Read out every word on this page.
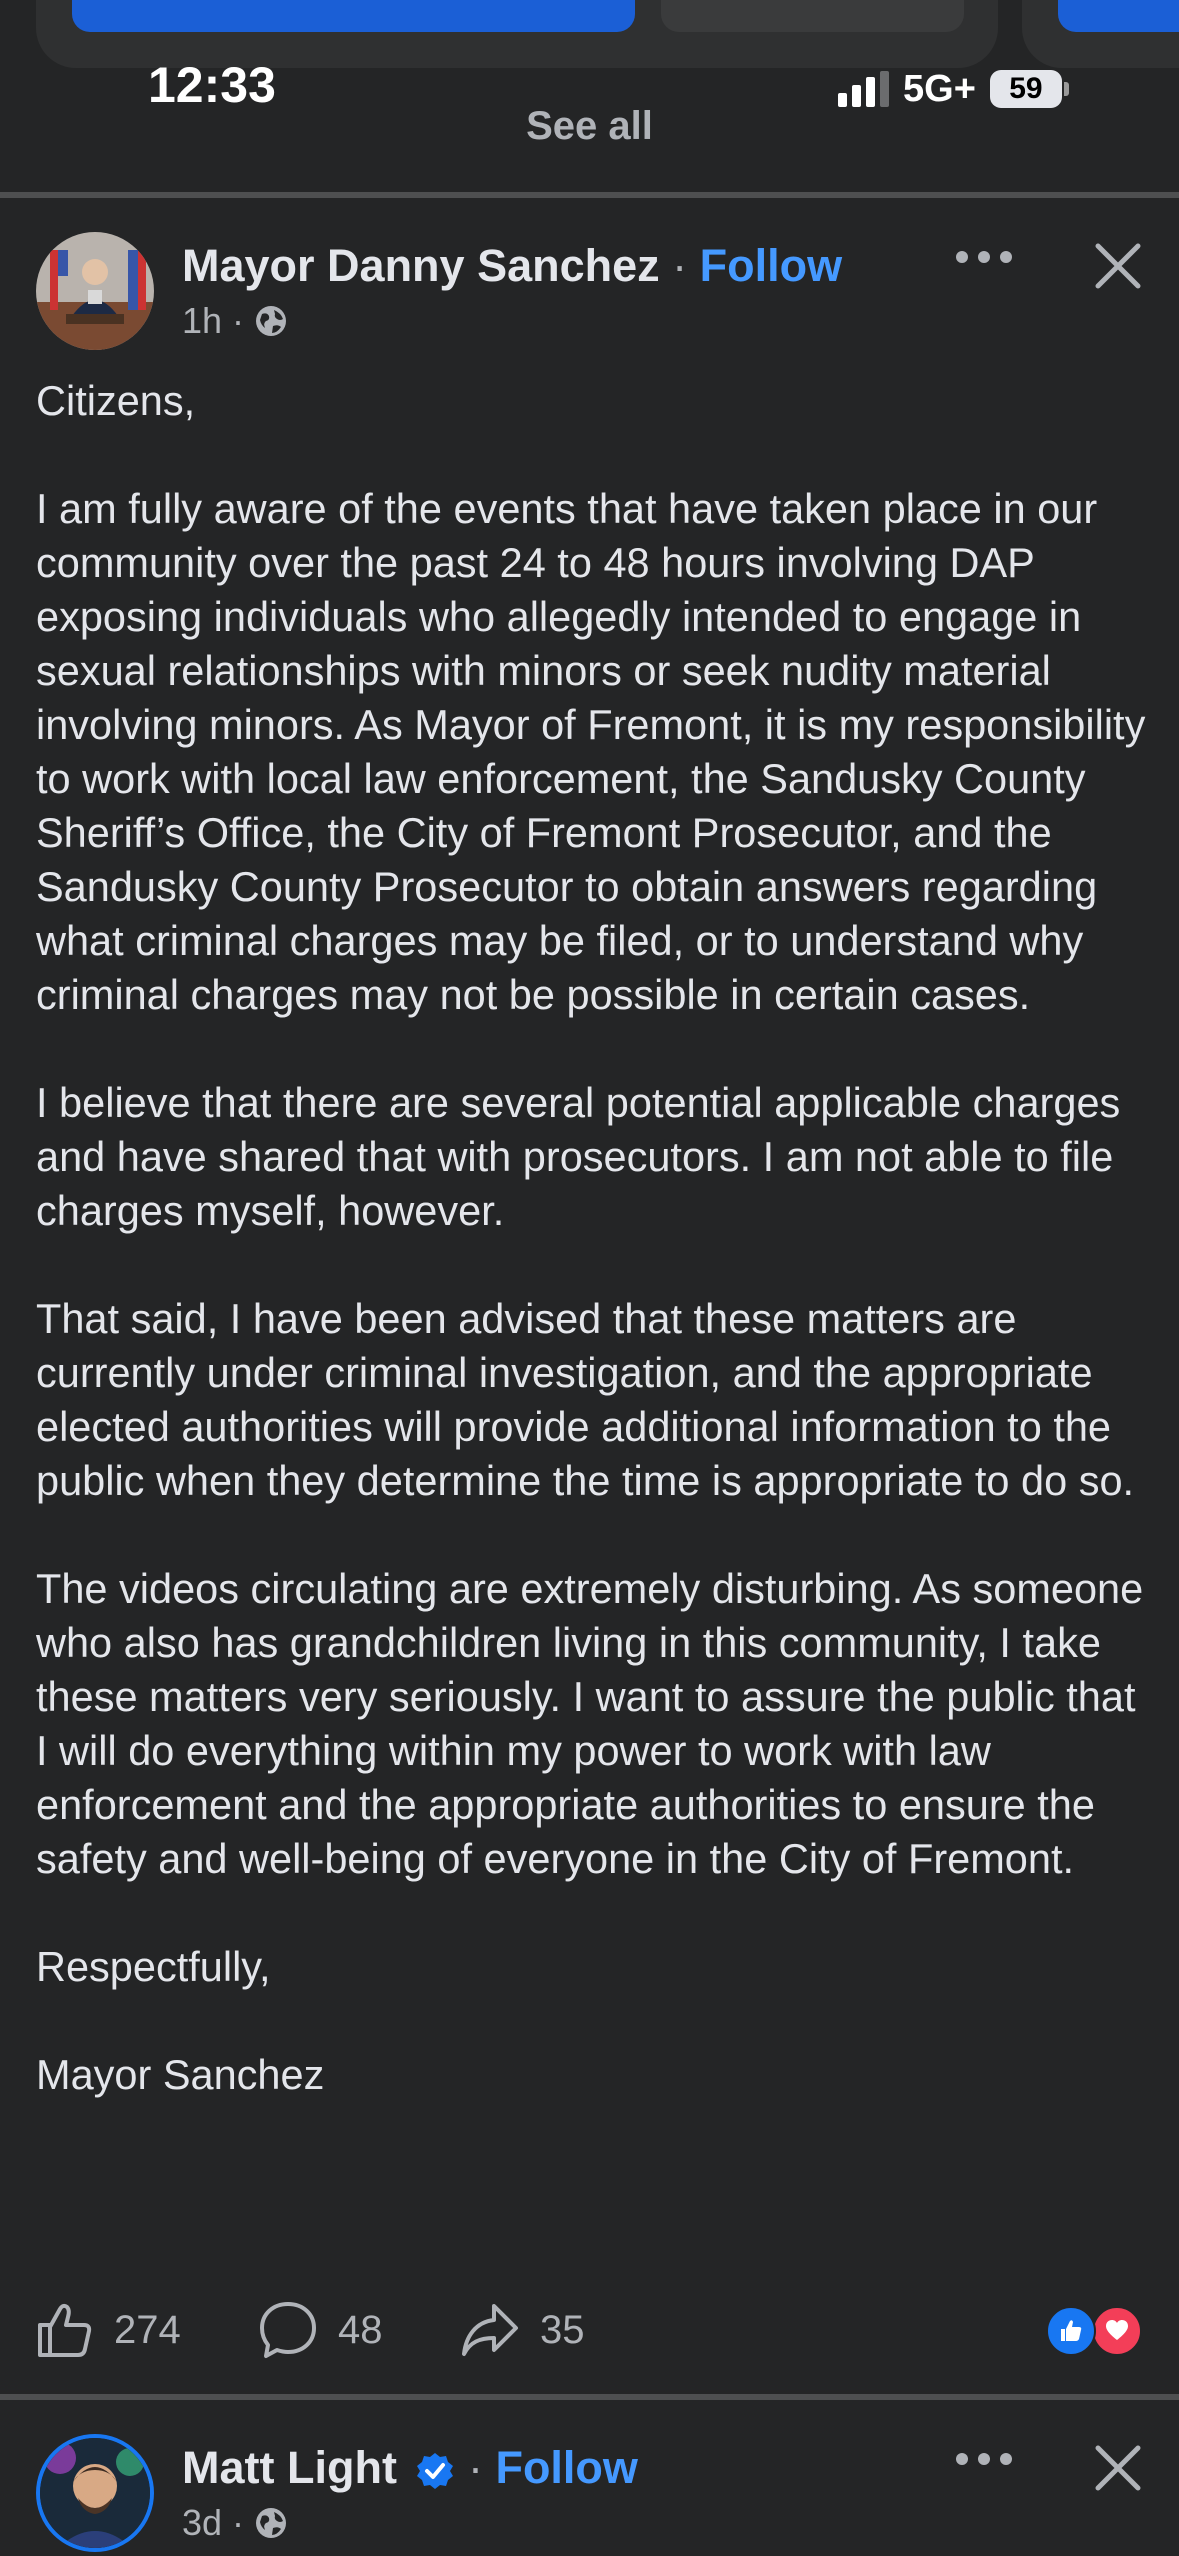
12:33	5G+	59
See all
Mayor Danny Sanchez · Follow
1h ·

Citizens,

I am fully aware of the events that have taken place in our community over the past 24 to 48 hours involving DAP exposing individuals who allegedly intended to engage in sexual relationships with minors or seek nudity material involving minors. As Mayor of Fremont, it is my responsibility to work with local law enforcement, the Sandusky County Sheriff’s Office, the City of Fremont Prosecutor, and the Sandusky County Prosecutor to obtain answers regarding what criminal charges may be filed, or to understand why criminal charges may not be possible in certain cases.

I believe that there are several potential applicable charges and have shared that with prosecutors. I am not able to file charges myself, however.

That said, I have been advised that these matters are currently under criminal investigation, and the appropriate elected authorities will provide additional information to the public when they determine the time is appropriate to do so.

The videos circulating are extremely disturbing. As someone who also has grandchildren living in this community, I take these matters very seriously. I want to assure the public that I will do everything within my power to work with law enforcement and the appropriate authorities to ensure the safety and well-being of everyone in the City of Fremont.

Respectfully,

Mayor Sanchez

274	48	35
Matt Light  · Follow
3d ·
